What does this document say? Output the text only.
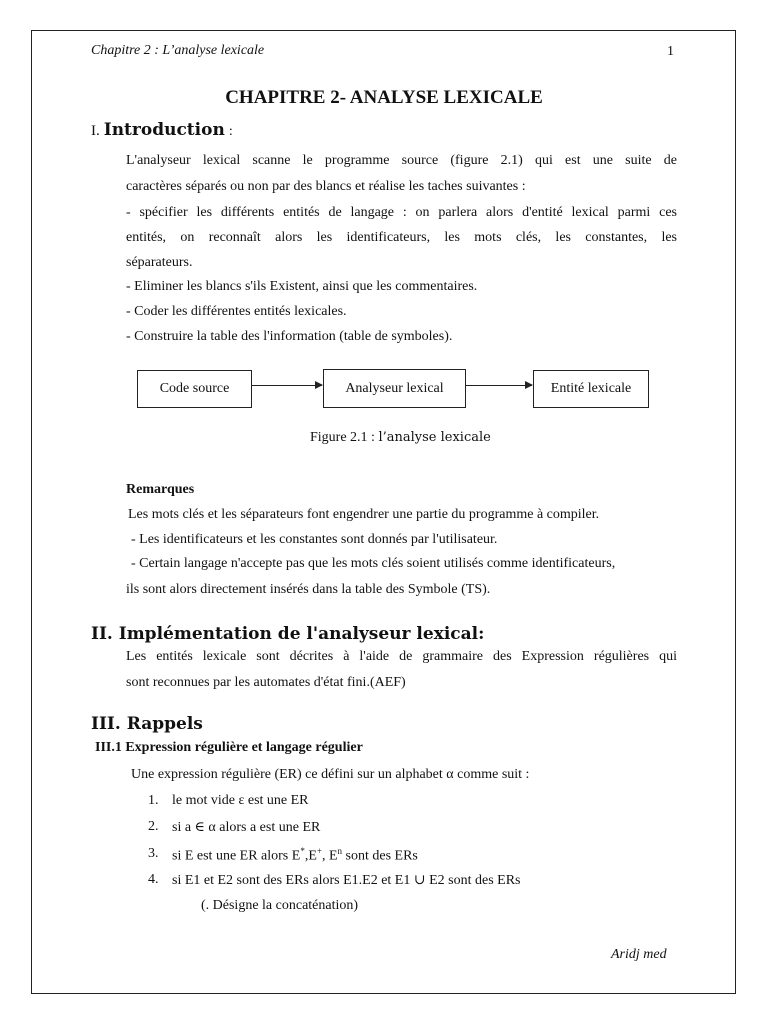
Chapitre 2 : L’analyse lexicale	1
CHAPITRE 2- ANALYSE LEXICALE
I. Introduction :
L'analyseur lexical scanne le programme source (figure 2.1) qui est une suite de
caractères séparés ou non par des blancs et réalise les taches suivantes :
- spécifier les différents entités de langage : on parlera alors d'entité lexical parmi ces
entités, on reconnaît alors les identificateurs, les mots clés, les constantes, les
séparateurs.
- Eliminer les blancs s'ils Existent, ainsi que les commentaires.
- Coder les différentes entités lexicales.
- Construire la table des l'information (table de symboles).
Code source	Analyseur lexical	Entité lexicale
Figure 2.1 : l’analyse lexicale
Remarques
Les mots clés et les séparateurs font engendrer une partie du programme à compiler.
- Les identificateurs et les constantes sont donnés par l'utilisateur.
- Certain langage n'accepte pas que les mots clés soient utilisés comme identificateurs,
ils sont alors directement insérés dans la table des Symbole (TS).
II. Implémentation de l'analyseur lexical:
Les entités lexicale sont décrites à l'aide de grammaire des Expression régulières qui
sont reconnues par les automates d'état fini.(AEF)
III. Rappels
III.1 Expression régulière et langage régulier
Une expression régulière (ER) ce défini sur un alphabet α comme suit :
1. le mot vide ε est une ER
2. si a ∈ α alors a est une ER
3. si E est une ER alors E*,E+, $E^n$ sont des ERs
4. si E1 et E2 sont des ERs alors E1.E2 et E1 ∪ E2 sont des ERs
(. Désigne la concaténation)
Aridj med
